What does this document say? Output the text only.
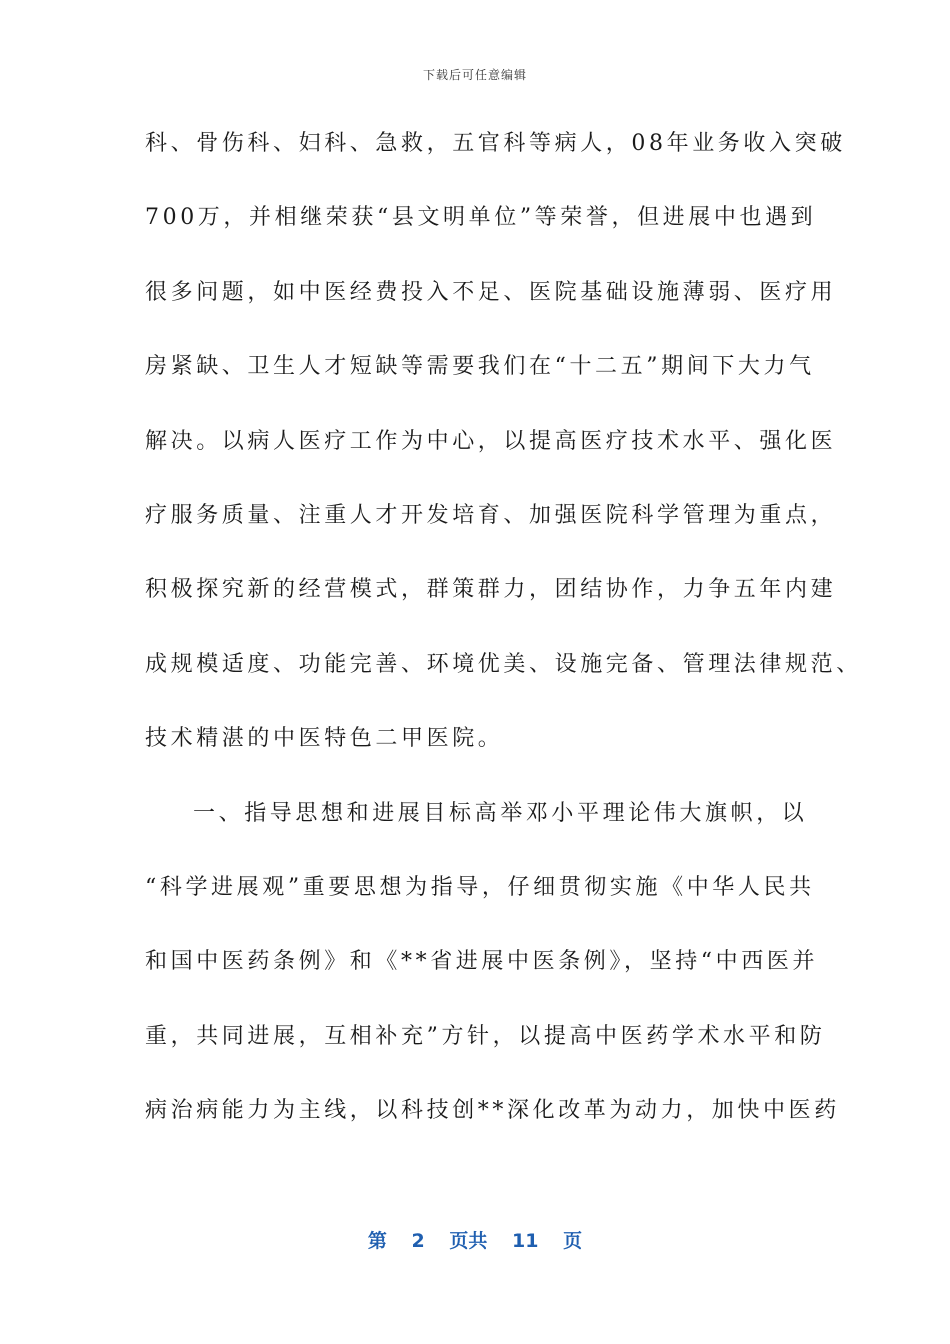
下载后可任意编辑
科、骨伤科、妇科、急救，五官科等病人，08年业务收入突破
700万，并相继荣获“县文明单位”等荣誉，但进展中也遇到
很多问题，如中医经费投入不足、医院基础设施薄弱、医疗用
房紧缺、卫生人才短缺等需要我们在“十二五”期间下大力气
解决。以病人医疗工作为中心，以提高医疗技术水平、强化医
疗服务质量、注重人才开发培育、加强医院科学管理为重点，
积极探究新的经营模式，群策群力，团结协作，力争五年内建
成规模适度、功能完善、环境优美、设施完备、管理法律规范、
技术精湛的中医特色二甲医院。
一、指导思想和进展目标高举邓小平理论伟大旗帜，以
“科学进展观”重要思想为指导，仔细贯彻实施《中华人民共
和国中医药条例》和《**省进展中医条例》，坚持“中西医并
重，共同进展，互相补充”方针，以提高中医药学术水平和防
病治病能力为主线，以科技创**深化改革为动力，加快中医药
第 2 页共 11 页
